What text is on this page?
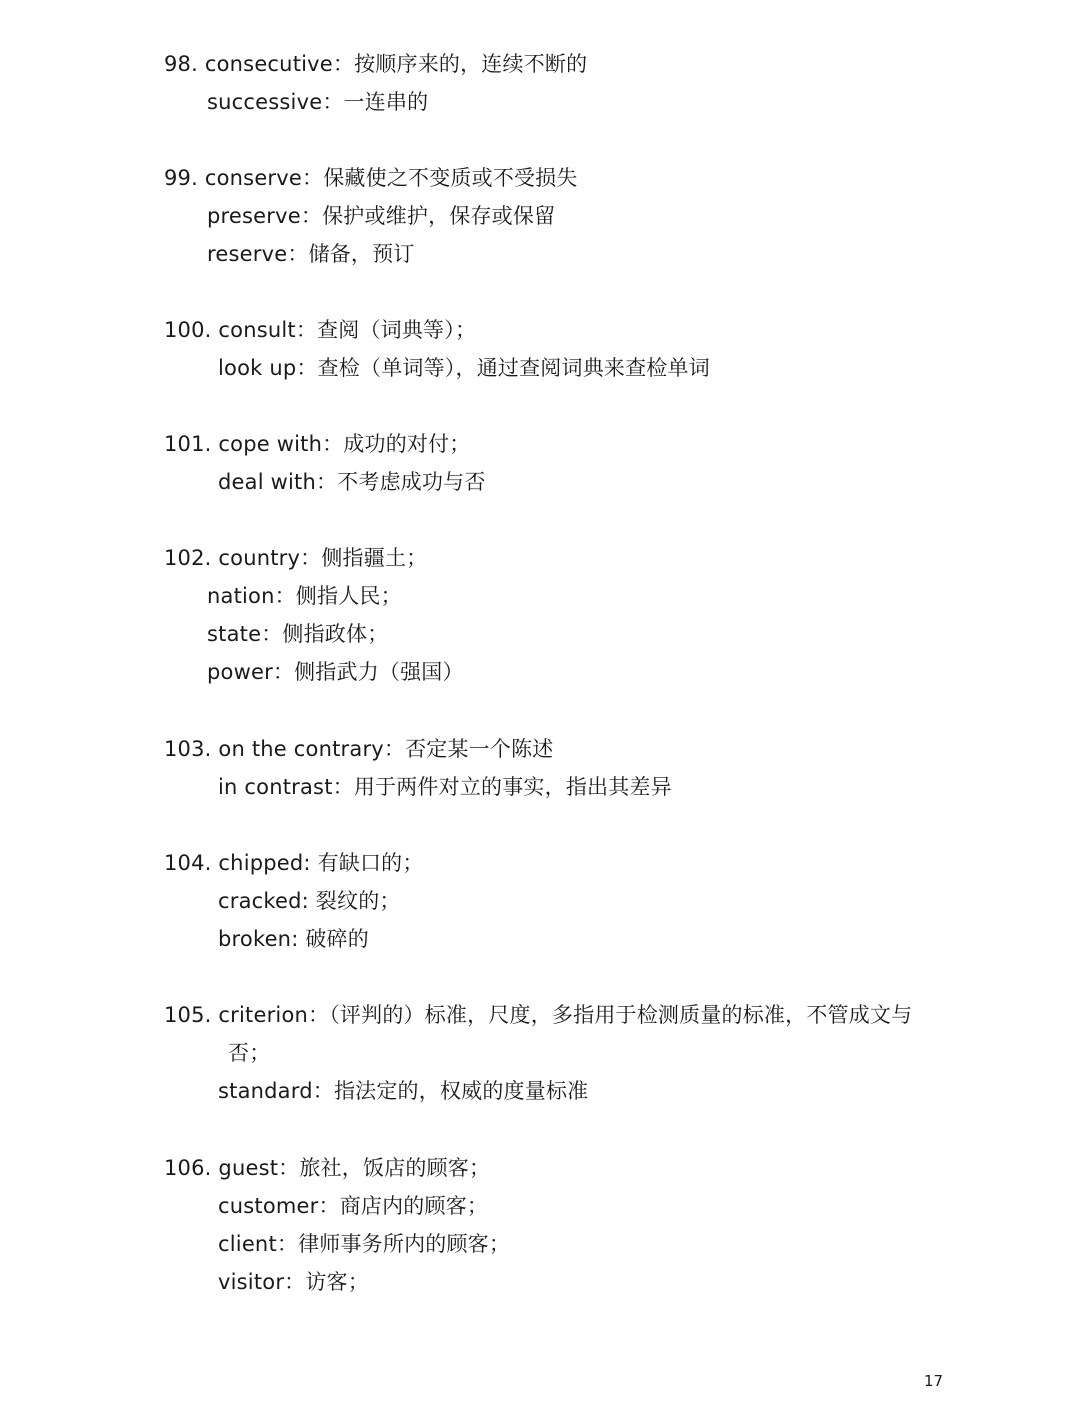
98. consecutive：按顺序来的，连续不断的
successive：一连串的
99. conserve：保藏使之不变质或不受损失
preserve：保护或维护，保存或保留
reserve：储备，预订
100. consult：查阅（词典等）；
look up：查检（单词等），通过查阅词典来查检单词
101. cope with：成功的对付；
deal with：不考虑成功与否
102. country：侧指疆土；
nation：侧指人民；
state：侧指政体；
power：侧指武力（强国）
103. on the contrary：否定某一个陈述
in contrast：用于两件对立的事实，指出其差异
104. chipped: 有缺口的；
cracked: 裂纹的；
broken: 破碎的
105. criterion：（评判的）标准，尺度，多指用于检测质量的标准，不管成文与
否；
standard：指法定的，权威的度量标准
106. guest：旅社，饭店的顾客；
customer：商店内的顾客；
client：律师事务所内的顾客；
visitor：访客；
17
